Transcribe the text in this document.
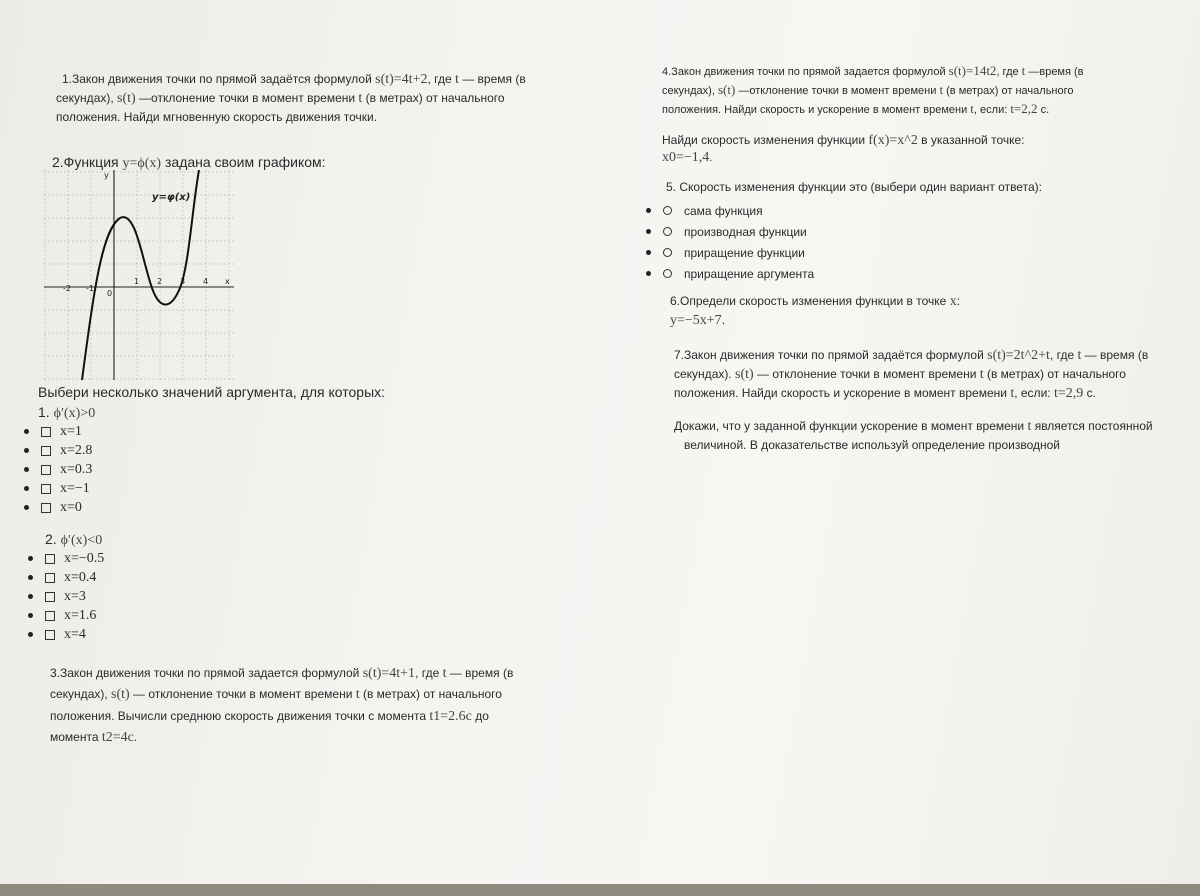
1.Закон движения точки по прямой задаётся формулой s(t)=4t+2, где t — время (в
секундах), s(t) —отклонение точки в момент времени t (в метрах) от начального
положения. Найди мгновенную скорость движения точки.
2.Функция y=ϕ(x) задана своим графиком:
-2 -1
0
1 2 3 4 x
y
y=φ(x)
Выбери несколько значений аргумента, для которых:
1. ϕ′(x)>0
x=1
x=2.8
x=0.3
x=−1
x=0
2. ϕ′(x)<0
x=−0.5
x=0.4
x=3
x=1.6
x=4
3.Закон движения точки по прямой задается формулой s(t)=4t+1, где t — время (в
секундах), s(t) — отклонение точки в момент времени t (в метрах) от начального
положения. Вычисли среднюю скорость движения точки с момента t1=2.6c до
момента t2=4c.
4.Закон движения точки по прямой задается формулой s(t)=14t2, где t —время (в
секундах), s(t) —отклонение точки в момент времени t (в метрах) от начального
положения. Найди скорость и ускорение в момент времени t, если: t=2,2 с.
Найди скорость изменения функции f(x)=x^2 в указанной точке:
x0=−1,4.
5. Скорость изменения функции это (выбери один вариант ответа):
сама функция
производная функции
приращение функции
приращение аргумента
6.Определи скорость изменения функции в точке x:
y=−5x+7.
7.Закон движения точки по прямой задаётся формулой s(t)=2t^2+t, где t — время (в
секундах). s(t) — отклонение точки в момент времени t (в метрах) от начального
положения. Найди скорость и ускорение в момент времени t, если: t=2,9 с.
Докажи, что у заданной функции ускорение в момент времени t является постоянной
величиной. В доказательстве используй определение производной
